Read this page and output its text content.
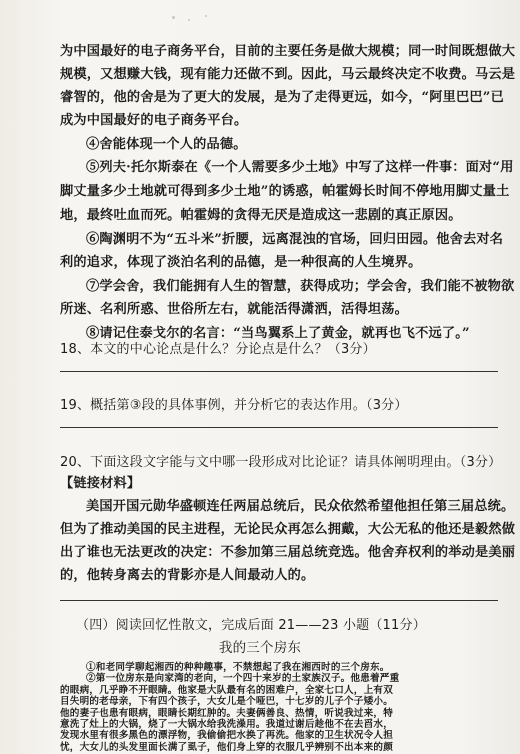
为中国最好的电子商务平台，目前的主要任务是做大规模；同一时间既想做大
规模，又想赚大钱，现有能力还做不到。因此，马云最终决定不收费。马云是
睿智的，他的舍是为了更大的发展，是为了走得更远，如今，“阿里巴巴”已
成为中国最好的电子商务平台。
④舍能体现一个人的品德。
⑤列夫·托尔斯泰在《一个人需要多少土地》中写了这样一件事：面对“用
脚丈量多少土地就可得到多少土地”的诱惑，帕霍姆长时间不停地用脚丈量土
地，最终吐血而死。帕霍姆的贪得无厌是造成这一悲剧的真正原因。
⑥陶渊明不为“五斗米”折腰，远离混浊的官场，回归田园。他舍去对名
利的追求，体现了淡泊名利的品德，是一种很高的人生境界。
⑦学会舍，我们能拥有人生的智慧，获得成功；学会舍，我们能不被物欲
所迷、名利所惑、世俗所左右，就能活得潇洒，活得坦荡。
⑧请记住泰戈尔的名言：“当鸟翼系上了黄金，就再也飞不远了。”
18、本文的中心论点是什么？分论点是什么？（3分）
19、概括第③段的具体事例，并分析它的表达作用。（3分）
20、下面这段文字能与文中哪一段形成对比论证？请具体阐明理由。（3分）
【链接材料】
美国开国元勋华盛顿连任两届总统后，民众依然希望他担任第三届总统。
但为了推动美国的民主进程，无论民众再怎么拥戴，大公无私的他还是毅然做
出了谁也无法更改的决定：不参加第三届总统竞选。他舍弃权利的举动是美丽
的，他转身离去的背影亦是人间最动人的。
（四）阅读回忆性散文，完成后面 21——23 小题（11分）
我的三个房东
①和老同学聊起湘西的种种趣事，不禁想起了我在湘西时的三个房东。
②第一位房东是向家湾的老向，一个四十来岁的土家族汉子。他患着严重
的眼病，几乎睁不开眼睛。他家是大队最有名的困难户，全家七口人，上有双
目失明的老母亲，下有四个孩子，大女儿是个哑巴，十七岁的儿子个子矮小。
他的妻子也患有眼病，眼睛长期红肿的。夫妻俩善良、热情，听说我过来，特
意洗了灶上的大锅，烧了一大锅水给我洗澡用。我道过谢后趁他不在去舀水，
发现水里有很多黑色的漂浮物，我偷偷把水换了再洗。他家的卫生状况令人担
忧，大女儿的头发里面长满了虱子，他们身上穿的衣服几乎辨别不出本来的颜
